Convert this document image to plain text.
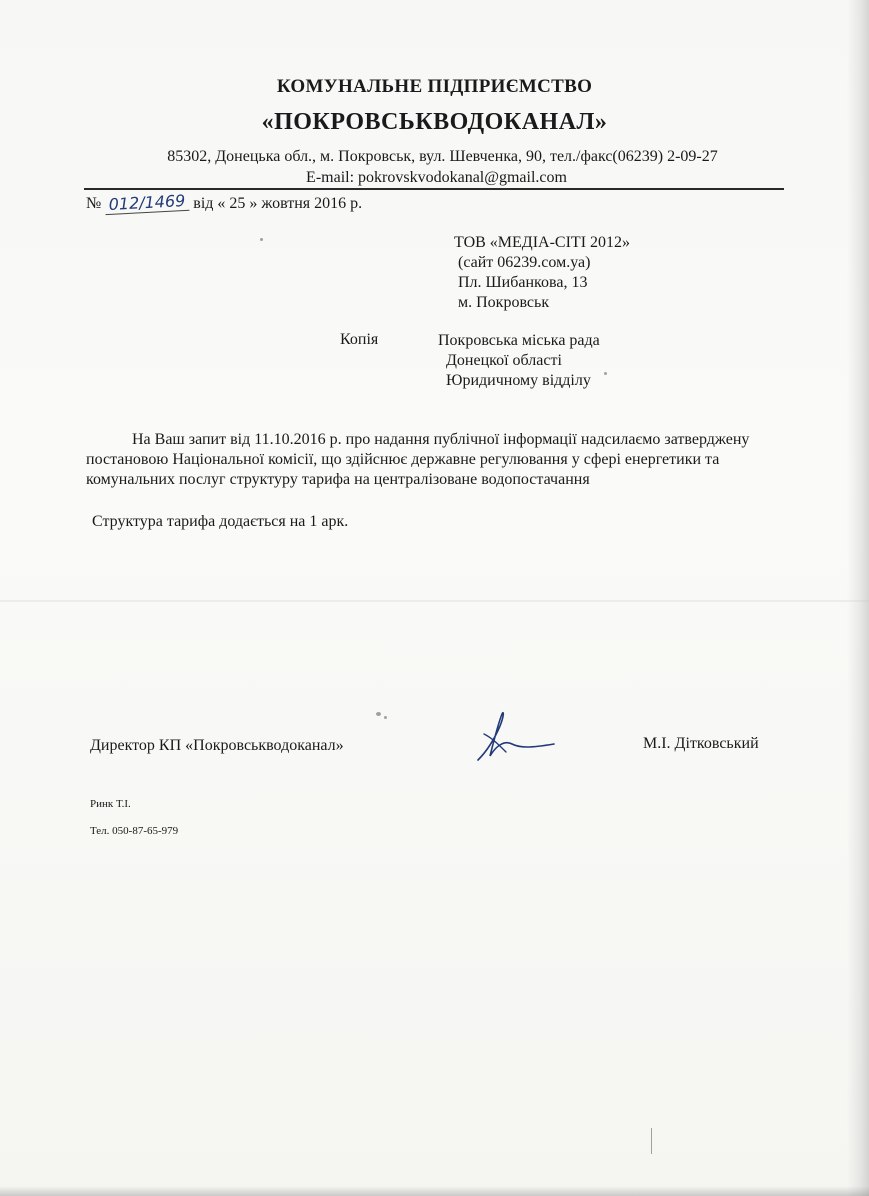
КОМУНАЛЬНЕ ПІДПРИЄМСТВО
«ПОКРОВСЬКВОДОКАНАЛ»
85302, Донецька обл., м. Покровськ, вул. Шевченка, 90, тел./факс(06239) 2-09-27
E-mail: pokrovskvodokanal@gmail.com
№ 012/1469 від « 25 » жовтня 2016 р.
ТОВ «МЕДІА-СІТІ 2012»
(сайт 06239.сом.уа)
Пл. Шибанкова, 13
м. Покровськ
Копія	Покровська міська рада
Донецкої області
Юридичному відділу
На Ваш запит від 11.10.2016 р. про надання публічної інформації надсилаємо затверджену постановою Національної комісії, що здійснює державне регулювання у сфері енергетики та комунальних послуг структуру тарифа на централізоване водопостачання
Структура тарифа додається на 1 арк.
Директор КП «Покровськводоканал»	М.І. Дітковський
Ринк Т.І.
Тел. 050-87-65-979
